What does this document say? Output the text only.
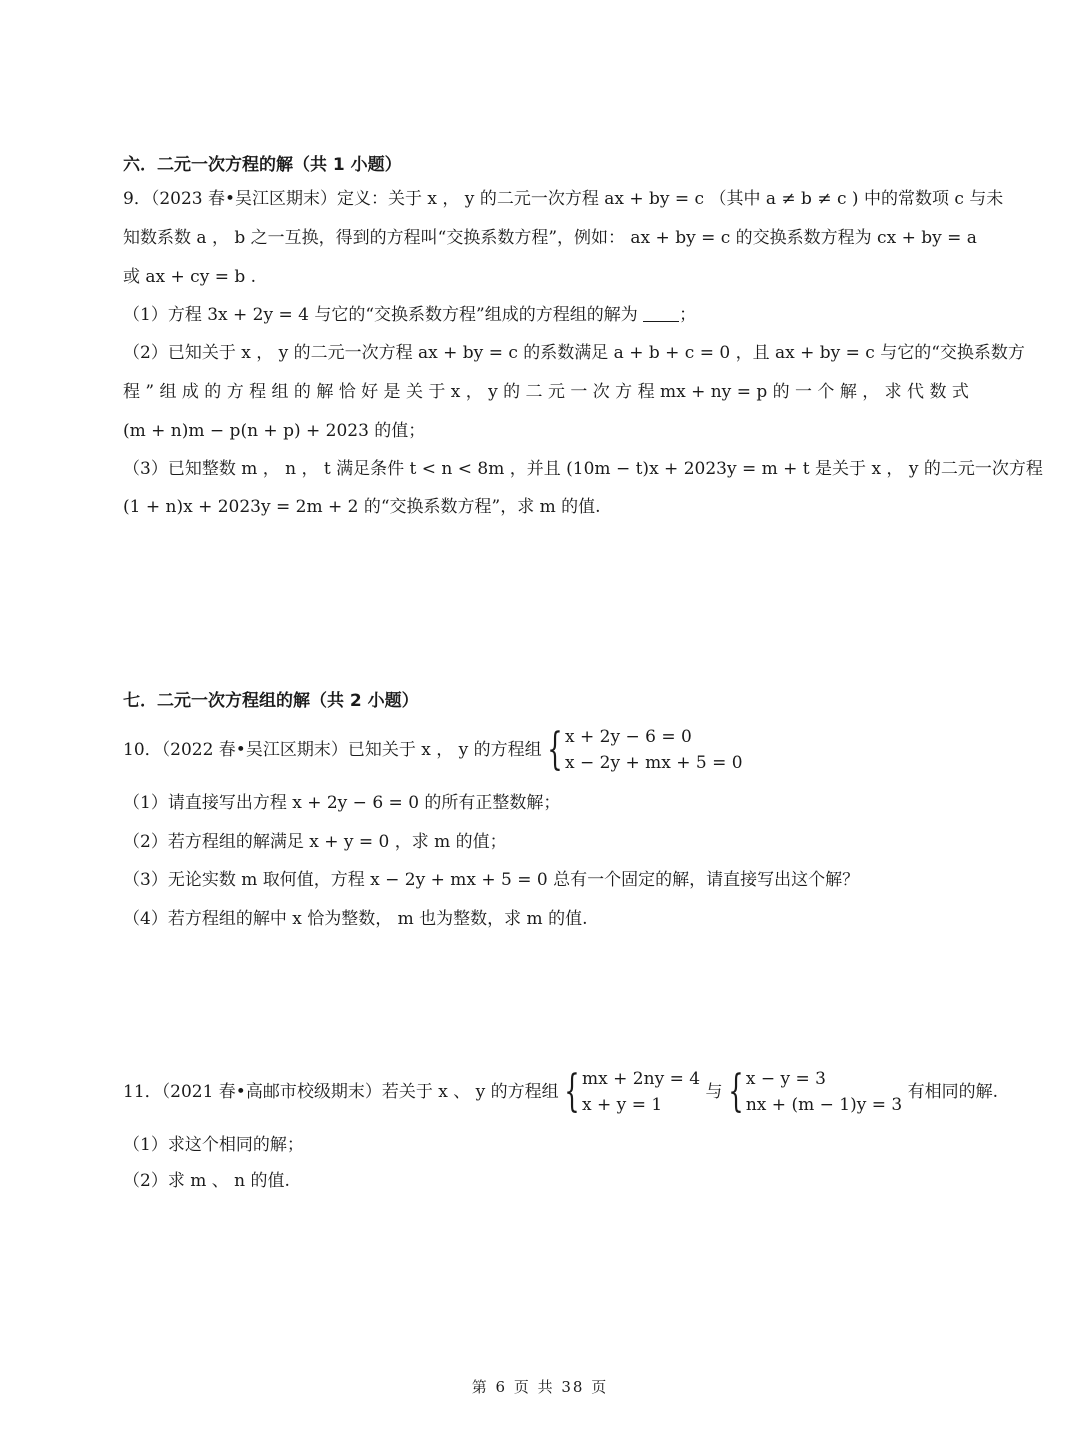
六．二元一次方程的解（共 1 小题）
9．（2023 春•吴江区期末）定义：关于 x ， y 的二元一次方程 ax + by = c （其中 a ≠ b ≠ c ) 中的常数项 c 与未
知数系数 a ， b 之一互换，得到的方程叫“交换系数方程”，例如： ax + by = c 的交换系数方程为 cx + by = a
或 ax + cy = b .
（1）方程 3x + 2y = 4 与它的“交换系数方程”组成的方程组的解为 ；
（2）已知关于 x ， y 的二元一次方程 ax + by = c 的系数满足 a + b + c = 0 ，且 ax + by = c 与它的“交换系数方
程 ” 组 成 的 方 程 组 的 解 恰 好 是 关 于 x ， y 的 二 元 一 次 方 程 mx + ny = p 的 一 个 解 ， 求 代 数 式
(m + n)m − p(n + p) + 2023 的值；
（3）已知整数 m ， n ， t 满足条件 t < n < 8m ，并且 (10m − t)x + 2023y = m + t 是关于 x ， y 的二元一次方程
(1 + n)x + 2023y = 2m + 2 的“交换系数方程”，求 m 的值.
七．二元一次方程组的解（共 2 小题）
10．（2022 春•吴江区期末）已知关于 x ， y 的方程组 { x + 2y − 6 = 0
x − 2y + mx + 5 = 0
（1）请直接写出方程 x + 2y − 6 = 0 的所有正整数解；
（2）若方程组的解满足 x + y = 0 ，求 m 的值；
（3）无论实数 m 取何值，方程 x − 2y + mx + 5 = 0 总有一个固定的解，请直接写出这个解？
（4）若方程组的解中 x 恰为整数， m 也为整数，求 m 的值.
11．（2021 春•高邮市校级期末）若关于 x 、 y 的方程组 { mx + 2ny = 4
x + y = 1
与 { x − y = 3
nx + (m − 1)y = 3
有相同的解.
（1）求这个相同的解；
（2）求 m 、 n 的值.
第 6 页 共 38 页
